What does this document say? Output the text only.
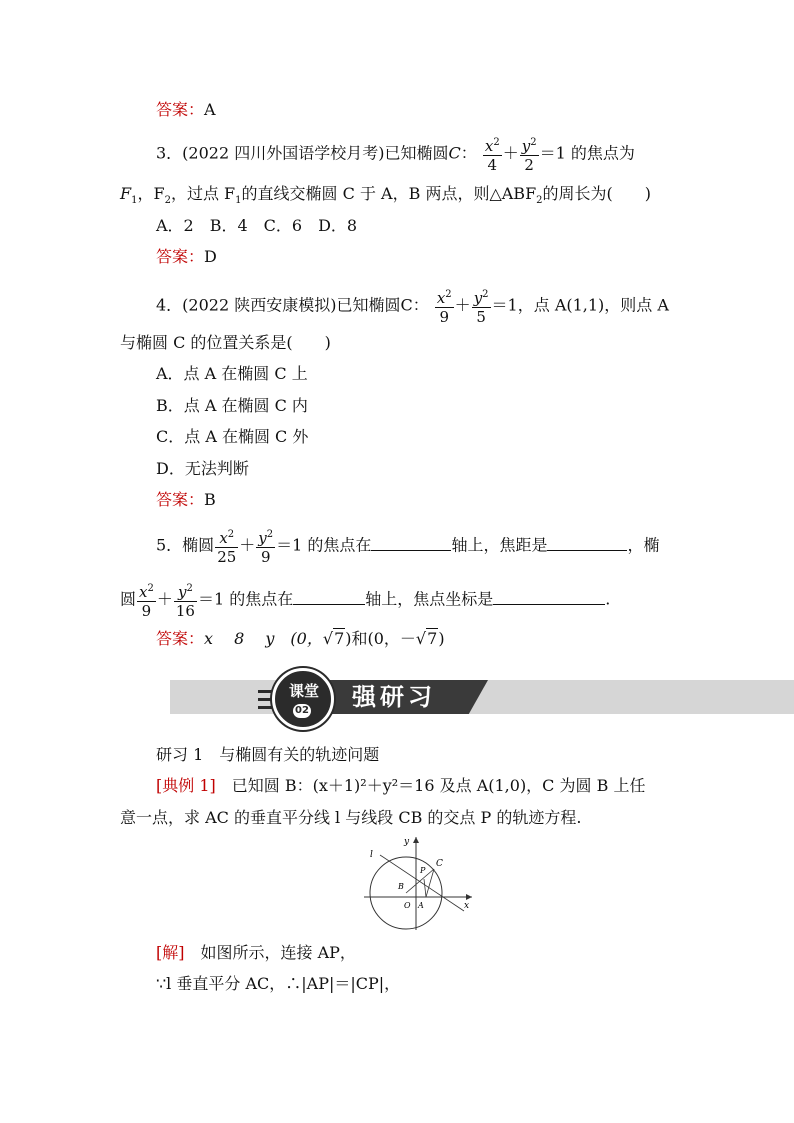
答案：A
3．(2022 四川外国语学校月考)已知椭圆C： $\frac{x^2}{4} + \frac{y^2}{2} =1$ 的焦点为
$F_1$，$F_2$，过点 $F_1$的直线交椭圆 C 于 A，B 两点，则$\triangle ABF_2$的周长为(　　)
A．2　B．4　C．6　D．8
答案：D
4．(2022 陕西安康模拟)已知椭圆C： $\frac{x^2}{9} + \frac{y^2}{5} =1$，点 A(1,1)，则点 A
与椭圆 C 的位置关系是(　　)
A．点 A 在椭圆 C 上
B．点 A 在椭圆 C 内
C．点 A 在椭圆 C 外
D．无法判断
答案：B
5．椭圆 $\frac{x^2}{25} + \frac{y^2}{9} =1$ 的焦点在	轴上，焦距是	，椭
圆 $\frac{x^2}{9} + \frac{y^2}{16} =1$ 的焦点在	轴上，焦点坐标是	.
答案：x　 8　 y　(0，√7)和(0，－√7)
课堂
02 强研习
研习 1　与椭圆有关的轨迹问题
[典例 1]　已知圆 B：(x＋1)²＋y²＝16 及点 A(1,0)，C 为圆 B 上任
意一点，求 AC 的垂直平分线 l 与线段 CB 的交点 P 的轨迹方程.
l
y
P
C
B
O A	x
[解]　如图所示，连接 AP，
∵l 垂直平分 AC，∴|AP|＝|CP|，
